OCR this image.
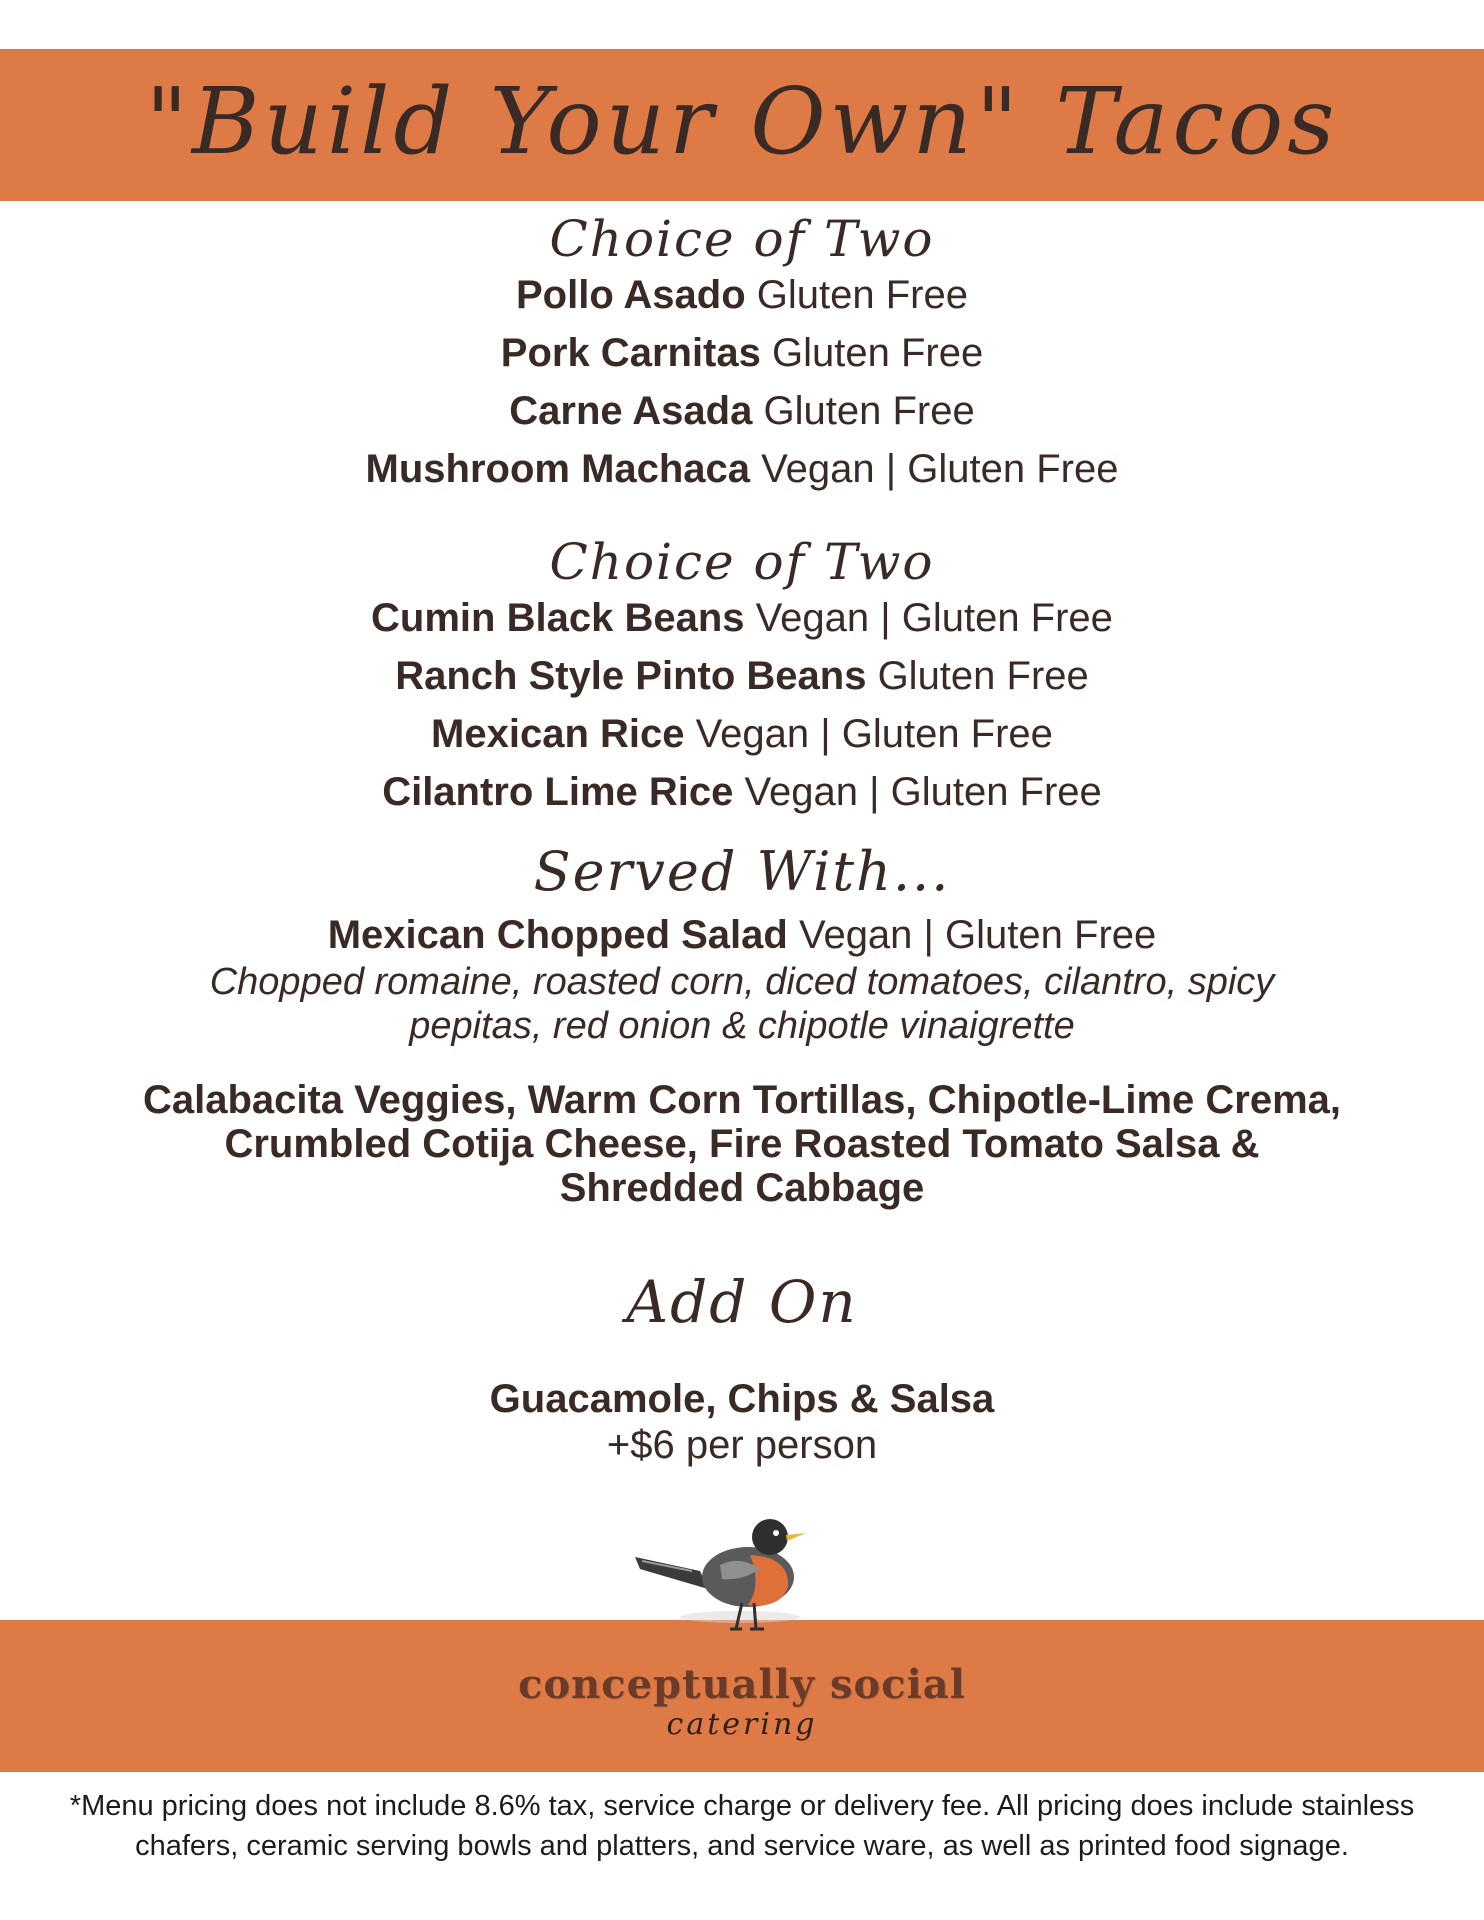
"Build Your Own" Tacos
Choice of Two
Pollo Asado Gluten Free
Pork Carnitas Gluten Free
Carne Asada Gluten Free
Mushroom Machaca Vegan | Gluten Free
Choice of Two
Cumin Black Beans Vegan | Gluten Free
Ranch Style Pinto Beans Gluten Free
Mexican Rice Vegan | Gluten Free
Cilantro Lime Rice Vegan | Gluten Free
Served With...
Mexican Chopped Salad Vegan | Gluten Free
Chopped romaine, roasted corn, diced tomatoes, cilantro, spicy
pepitas, red onion & chipotle vinaigrette
Calabacita Veggies, Warm Corn Tortillas, Chipotle-Lime Crema,
Crumbled Cotija Cheese, Fire Roasted Tomato Salsa &
Shredded Cabbage
Add On
Guacamole, Chips & Salsa
+$6 per person
conceptually social
catering
*Menu pricing does not include 8.6% tax, service charge or delivery fee. All pricing does include stainless
chafers, ceramic serving bowls and platters, and service ware, as well as printed food signage.
